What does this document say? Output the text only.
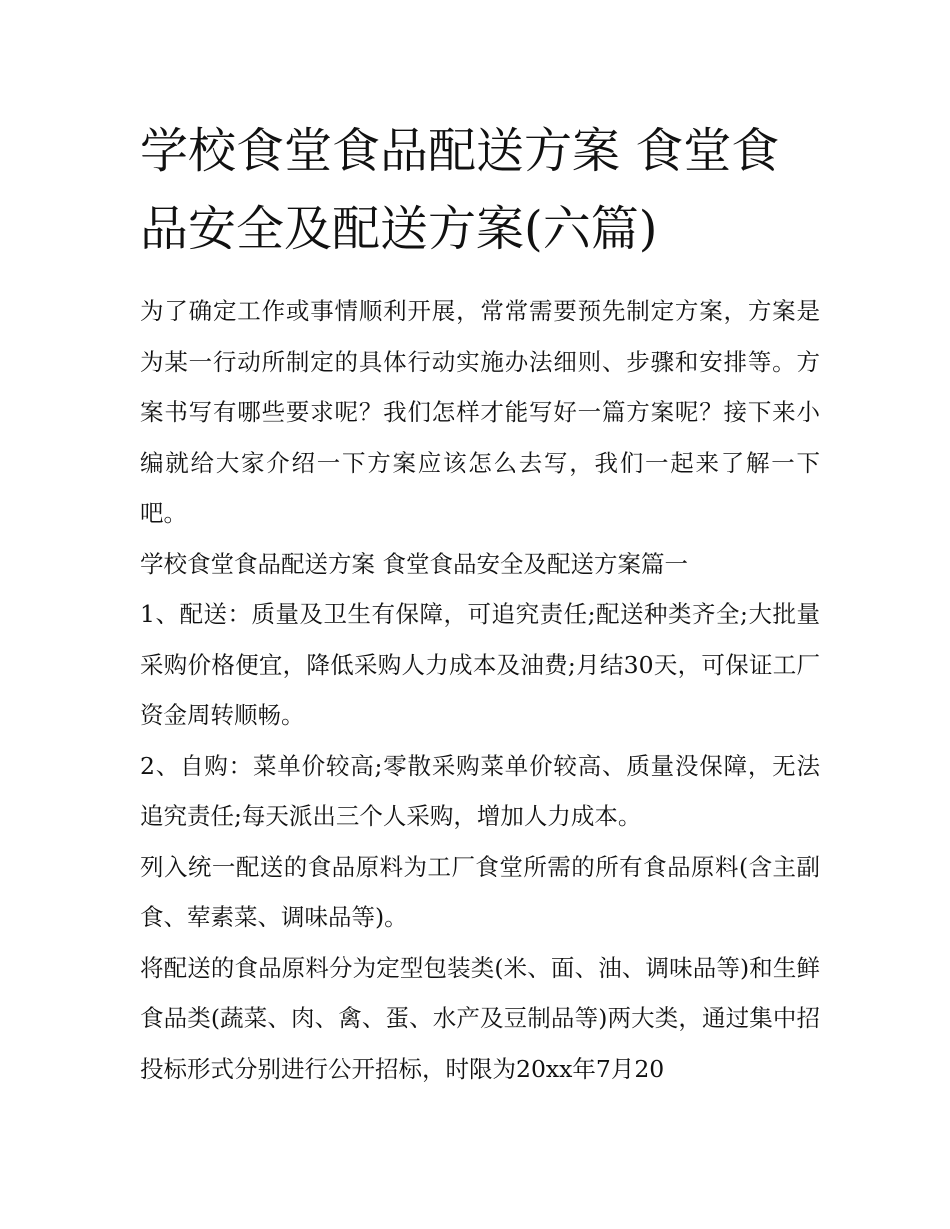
学校食堂食品配送方案 食堂食品安全及配送方案(六篇)

为了确定工作或事情顺利开展，常常需要预先制定方案，方案是为某一行动所制定的具体行动实施办法细则、步骤和安排等。方案书写有哪些要求呢？我们怎样才能写好一篇方案呢？接下来小编就给大家介绍一下方案应该怎么去写，我们一起来了解一下吧。

学校食堂食品配送方案 食堂食品安全及配送方案篇一

1、配送：质量及卫生有保障，可追究责任;配送种类齐全;大批量采购价格便宜，降低采购人力成本及油费;月结30天，可保证工厂资金周转顺畅。

2、自购：菜单价较高;零散采购菜单价较高、质量没保障，无法追究责任;每天派出三个人采购，增加人力成本。

列入统一配送的食品原料为工厂食堂所需的所有食品原料(含主副食、荤素菜、调味品等)。

将配送的食品原料分为定型包装类(米、面、油、调味品等)和生鲜食品类(蔬菜、肉、禽、蛋、水产及豆制品等)两大类，通过集中招投标形式分别进行公开招标，时限为20xx年7月20
